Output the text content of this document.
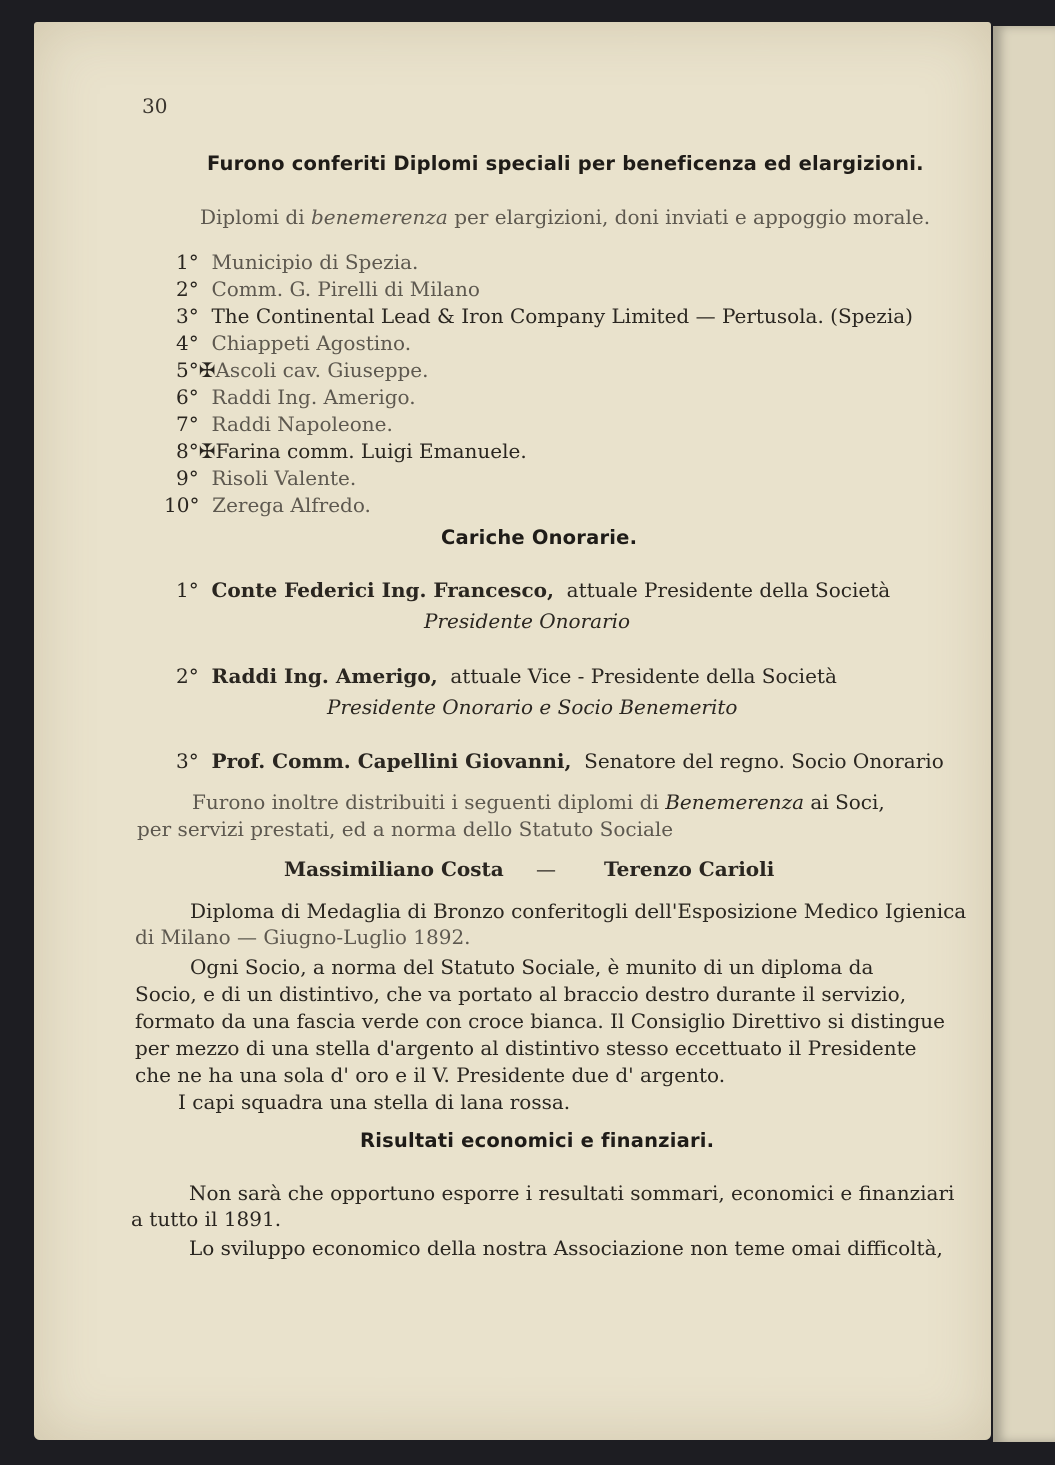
30
Furono conferiti Diplomi speciali per beneficenza ed elargizioni.
Diplomi di benemerenza per elargizioni, doni inviati e appoggio morale.
1° Municipio di Spezia.
2° Comm. G. Pirelli di Milano
3° The Continental Lead & Iron Company Limited — Pertusola. (Spezia)
4° Chiappeti Agostino.
5°✠Ascoli cav. Giuseppe.
6° Raddi Ing. Amerigo.
7° Raddi Napoleone.
8°✠Farina comm. Luigi Emanuele.
9° Risoli Valente.
10° Zerega Alfredo.
Cariche Onorarie.
1° Conte Federici Ing. Francesco, attuale Presidente della Società
Presidente Onorario
2° Raddi Ing. Amerigo, attuale Vice - Presidente della Società
Presidente Onorario e Socio Benemerito
3° Prof. Comm. Capellini Giovanni, Senatore del regno. Socio Onorario
Furono inoltre distribuiti i seguenti diplomi di Benemerenza ai Soci,
per servizi prestati, ed a norma dello Statuto Sociale
Massimiliano Costa — Terenzo Carioli
Diploma di Medaglia di Bronzo conferitogli dell'Esposizione Medico Igienica
di Milano — Giugno-Luglio 1892.
Ogni Socio, a norma del Statuto Sociale, è munito di un diploma da
Socio, e di un distintivo, che va portato al braccio destro durante il servizio,
formato da una fascia verde con croce bianca. Il Consiglio Direttivo si distingue
per mezzo di una stella d'argento al distintivo stesso eccettuato il Presidente
che ne ha una sola d' oro e il V. Presidente due d' argento.
I capi squadra una stella di lana rossa.
Risultati economici e finanziari.
Non sarà che opportuno esporre i resultati sommari, economici e finanziari
a tutto il 1891.
Lo sviluppo economico della nostra Associazione non teme omai difficoltà,
